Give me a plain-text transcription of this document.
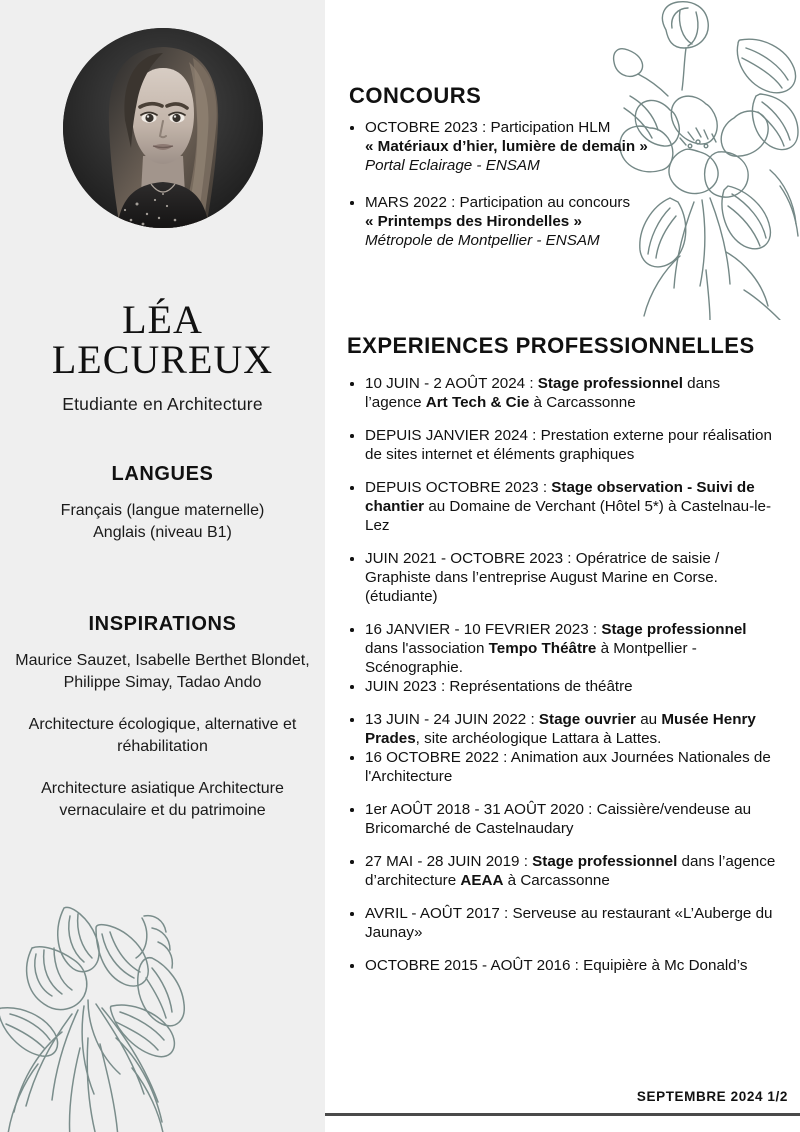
LÉA
LECUREUX
Etudiante en Architecture
LANGUES
Français (langue maternelle)
Anglais (niveau B1)
INSPIRATIONS

Maurice Sauzet, Isabelle Berthet Blondet, Philippe Simay, Tadao Ando

Architecture écologique, alternative et réhabilitation

Architecture asiatique Architecture vernaculaire et du patrimoine

CONCOURS
OCTOBRE 2023 : Participation HLM
« Matériaux d’hier, lumière de demain »
Portal Eclairage - ENSAM
MARS 2022 : Participation au concours
« Printemps des Hirondelles »
Métropole de Montpellier - ENSAM
EXPERIENCES PROFESSIONNELLES
10 JUIN - 2 AOÛT 2024 : Stage professionnel dans l’agence Art Tech & Cie à Carcassonne
DEPUIS JANVIER 2024 : Prestation externe pour réalisation de sites internet et éléments graphiques
DEPUIS OCTOBRE 2023 : Stage observation - Suivi de chantier au Domaine de Verchant (Hôtel 5*) à Castelnau-le-Lez
JUIN 2021 - OCTOBRE 2023 : Opératrice de saisie / Graphiste dans l’entreprise August Marine en Corse. (étudiante)
16 JANVIER - 10 FEVRIER 2023 : Stage professionnel dans l'association Tempo Théâtre à Montpellier - Scénographie.
JUIN 2023 : Représentations de théâtre
13 JUIN - 24 JUIN 2022 : Stage ouvrier au Musée Henry Prades, site archéologique Lattara à Lattes.
16 OCTOBRE 2022 : Animation aux Journées Nationales de l'Architecture
1er AOÛT 2018 - 31 AOÛT 2020 : Caissière/vendeuse au Bricomarché de Castelnaudary
27 MAI - 28 JUIN 2019 : Stage professionnel dans l’agence d’architecture AEAA à Carcassonne
AVRIL - AOÛT 2017 : Serveuse au restaurant «L’Auberge du Jaunay»
OCTOBRE 2015 - AOÛT 2016 : Equipière à Mc Donald’s
SEPTEMBRE 2024 1/2
